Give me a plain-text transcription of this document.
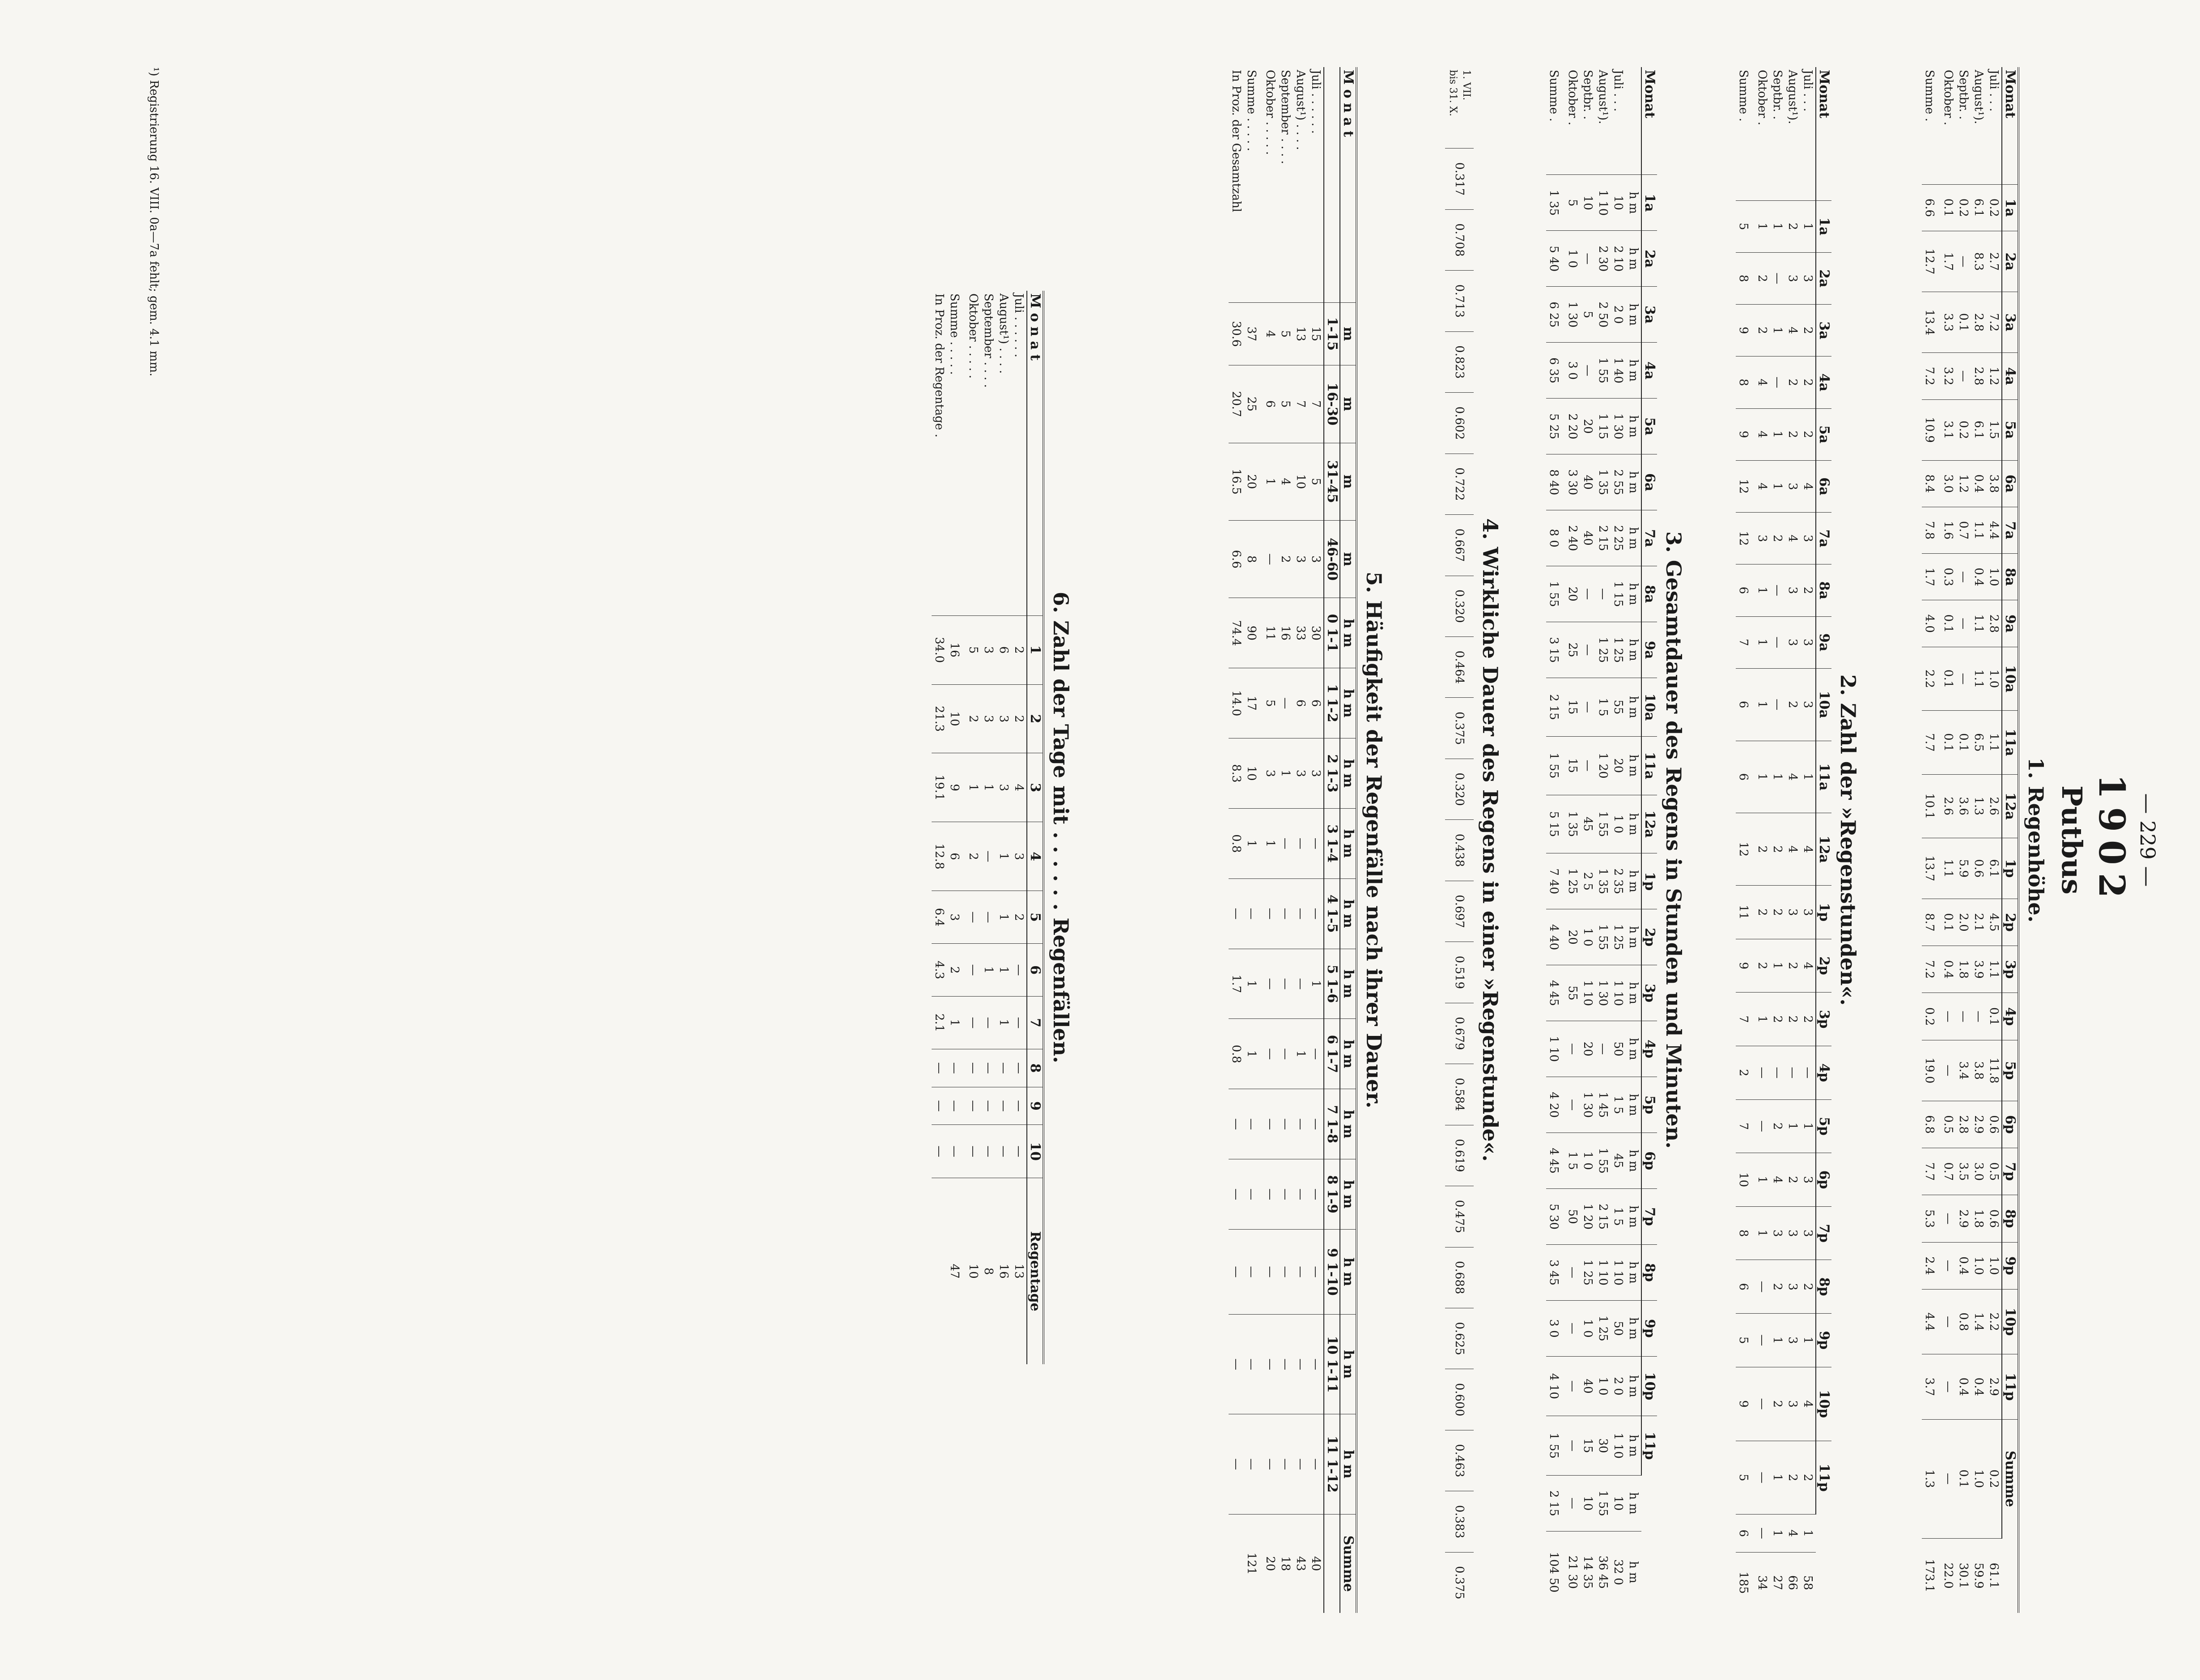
— 229 —
1902
Putbus
1. Regenhöhe.
Monat	1a	2a	3a	4a	5a	6a	7a	8a	9a	10a	11a	12a	1p	2p	3p	4p	5p	6p	7p	8p	9p	10p	11p	Summe	
Juli . . .	0.2	2.7	7.2	1.2	1.5	3.8	4.4	1.0	2.8	1.0	1.1	2.6	6.1	4.5	1.1	0.1	11.8	0.6	0.5	0.6	1.0	2.2	2.9	0.2	61.1
August¹).	6.1	8.3	2.8	2.8	6.1	0.4	1.1	0.4	1.1	1.1	6.5	1.3	0.6	2.1	3.9	—	3.8	2.9	3.0	1.8	1.0	1.4	0.4	1.0	59.9
Septbr. .	0.2	—	0.1	—	0.2	1.2	0.7	—	—	—	0.1	3.6	5.9	2.0	1.8	—	3.4	2.8	3.5	2.9	0.4	0.8	0.4	0.1	30.1
Oktober .	0.1	1.7	3.3	3.2	3.1	3.0	1.6	0.3	0.1	0.1	0.1	2.6	1.1	0.1	0.4	—	—	0.5	0.7	—	—	—	—	—	22.0
Summe .	6.6	12.7	13.4	7.2	10.9	8.4	7.8	1.7	4.0	2.2	7.7	10.1	13.7	8.7	7.2	0.2	19.0	6.8	7.7	5.3	2.4	4.4	3.7	1.3	173.1
2. Zahl der »Regenstunden«.
Monat	1a	2a	3a	4a	5a	6a	7a	8a	9a	10a	11a	12a	1p	2p	3p	4p	5p	6p	7p	8p	9p	10p	11p		
Juli . . .	1	3	2	2	2	4	3	2	3	3	1	4	3	4	2	—	1	3	3	2	1	4	2	1	58
August¹).	2	3	4	2	2	3	4	3	3	2	4	4	3	2	2	—	1	2	3	3	3	3	2	4	66
Septbr. .	1	—	1	—	1	1	2	—	—	—	1	2	2	1	2	—	2	4	3	2	1	2	1	1	27
Oktober .	1	2	2	4	4	4	3	1	1	1	1	2	2	2	1	—	—	1	1	—	—	—	—	—	34
Summe .	5	8	9	8	9	12	12	6	7	6	6	12	11	9	7	2	7	10	8	6	5	9	5	6	185
3. Gesamtdauer des Regens in Stunden und Minuten.
Monat	1a	2a	3a	4a	5a	6a	7a	8a	9a	10a	11a	12a	1p	2p	3p	4p	5p	6p	7p	8p	9p	10p	11p		
	h m	h m	h m	h m	h m	h m	h m	h m	h m	h m	h m	h m	h m	h m	h m	h m	h m	h m	h m	h m	h m	h m	h m	h m	h m
Juli . . .	10	2 10	2 0	1 40	1 30	2 55	2 25	1 15	1 25	55	20	1 0	2 35	1 25	1 10	50	1 5	45	1 5	1 10	50	2 0	1 10	10	32 0
August¹).	1 10	2 30	2 50	1 55	1 15	1 35	2 15	—	1 25	1 5	1 20	1 55	1 35	1 55	1 30	—	1 45	1 55	2 15	1 10	1 25	1 0	30	1 55	36 45
Septbr. .	10	—	5	—	20	40	40	—	—	—	—	45	2 5	1 0	1 10	20	1 30	1 0	1 20	1 25	1 0	40	15	10	14 35
Oktober .	5	1 0	1 30	3 0	2 20	3 30	2 40	20	25	15	15	1 35	1 25	20	55	—	—	1 5	50	—	—	—	—	—	21 30
Summe .	1 35	5 40	6 25	6 35	5 25	8 40	8 0	1 55	3 15	2 15	1 55	5 15	7 40	4 40	4 45	1 10	4 20	4 45	5 30	3 45	3 0	4 10	1 55	2 15	104 50
4. Wirkliche Dauer des Regens in einer »Regenstunde«.
1. VII.
bis 31. X.
	0.317	0.708	0.713	0.823	0.602	0.722	0.667	0.320	0.464	0.375	0.320	0.438	0.697	0.519	0.679	0.584	0.619	0.475	0.688	0.625	0.600	0.463	0.383	0.375
5. Häufigkeit der Regenfälle nach ihrer Dauer.
M o n a t	m	m	m	m	h m	h m	h m	h m	h m	h m	h m	h m	h m	h m	h m	h m	Summe
	1-15	16-30	31-45	46-60	0 1-1	1 1-2	2 1-3	3 1-4	4 1-5	5 1-6	6 1-7	7 1-8	8 1-9	9 1-10	10 1-11	11 1-12	
Juli . . . . . .	15	7	5	3	30	6	3	—	—	1	—	—	—	—	—	—	40
August¹) . . . .	13	7	10	3	33	6	3	—	—	—	1	—	—	—	—	—	43
September . . . .	5	5	4	2	16	—	1	—	—	—	—	—	—	—	—	—	18
Oktober . . . . .	4	6	1	—	11	5	3	1	—	—	—	—	—	—	—	—	20
Summe . . . . .	37	25	20	8	90	17	10	1	—	1	1	—	—	—	—	—	121
In Proz. der Gesamtzahl	30.6	20.7	16.5	6.6	74.4	14.0	8.3	0.8	—	1.7	0.8	—	—	—	—	—	
6. Zahl der Tage mit . . . . . . Regenfällen.
M o n a t	1	2	3	4	5	6	7	8	9	10	Regentage
Juli . . . . . .	2	2	4	3	2	—	—	—	—	—	13
August¹) . . . .	6	3	3	1	1	1	1	—	—	—	16
September . . . .	3	3	1	—	—	1	—	—	—	—	8
Oktober . . . . .	5	2	1	2	—	—	—	—	—	—	10
Summe . . . . .	16	10	9	6	3	2	1	—	—	—	47
In Proz. der Regentage .	34.0	21.3	19.1	12.8	6.4	4.3	2.1	—	—	—	
¹) Registrierung 16. VIII. 0a—7a fehlt; gem. 4.1 mm.
